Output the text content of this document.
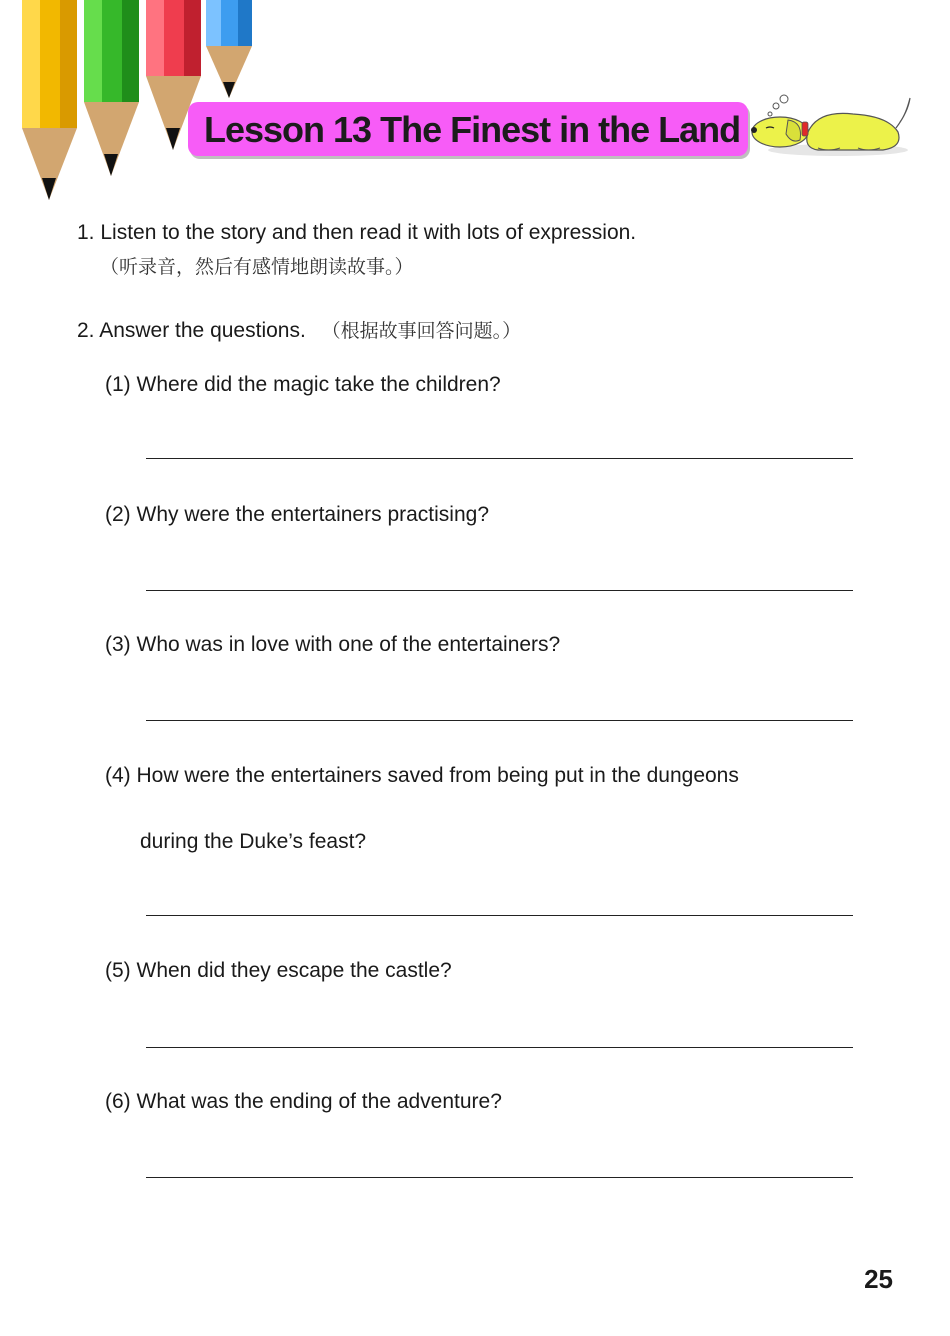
Lesson 13 The Finest in the Land
1. Listen to the story and then read it with lots of expression.
（听录音，然后有感情地朗读故事。）
2. Answer the questions. （根据故事回答问题。）
(1) Where did the magic take the children?
(2) Why were the entertainers practising?
(3) Who was in love with one of the entertainers?
(4) How were the entertainers saved from being put in the dungeons
during the Duke’s feast?
(5) When did they escape the castle?
(6) What was the ending of the adventure?
25
